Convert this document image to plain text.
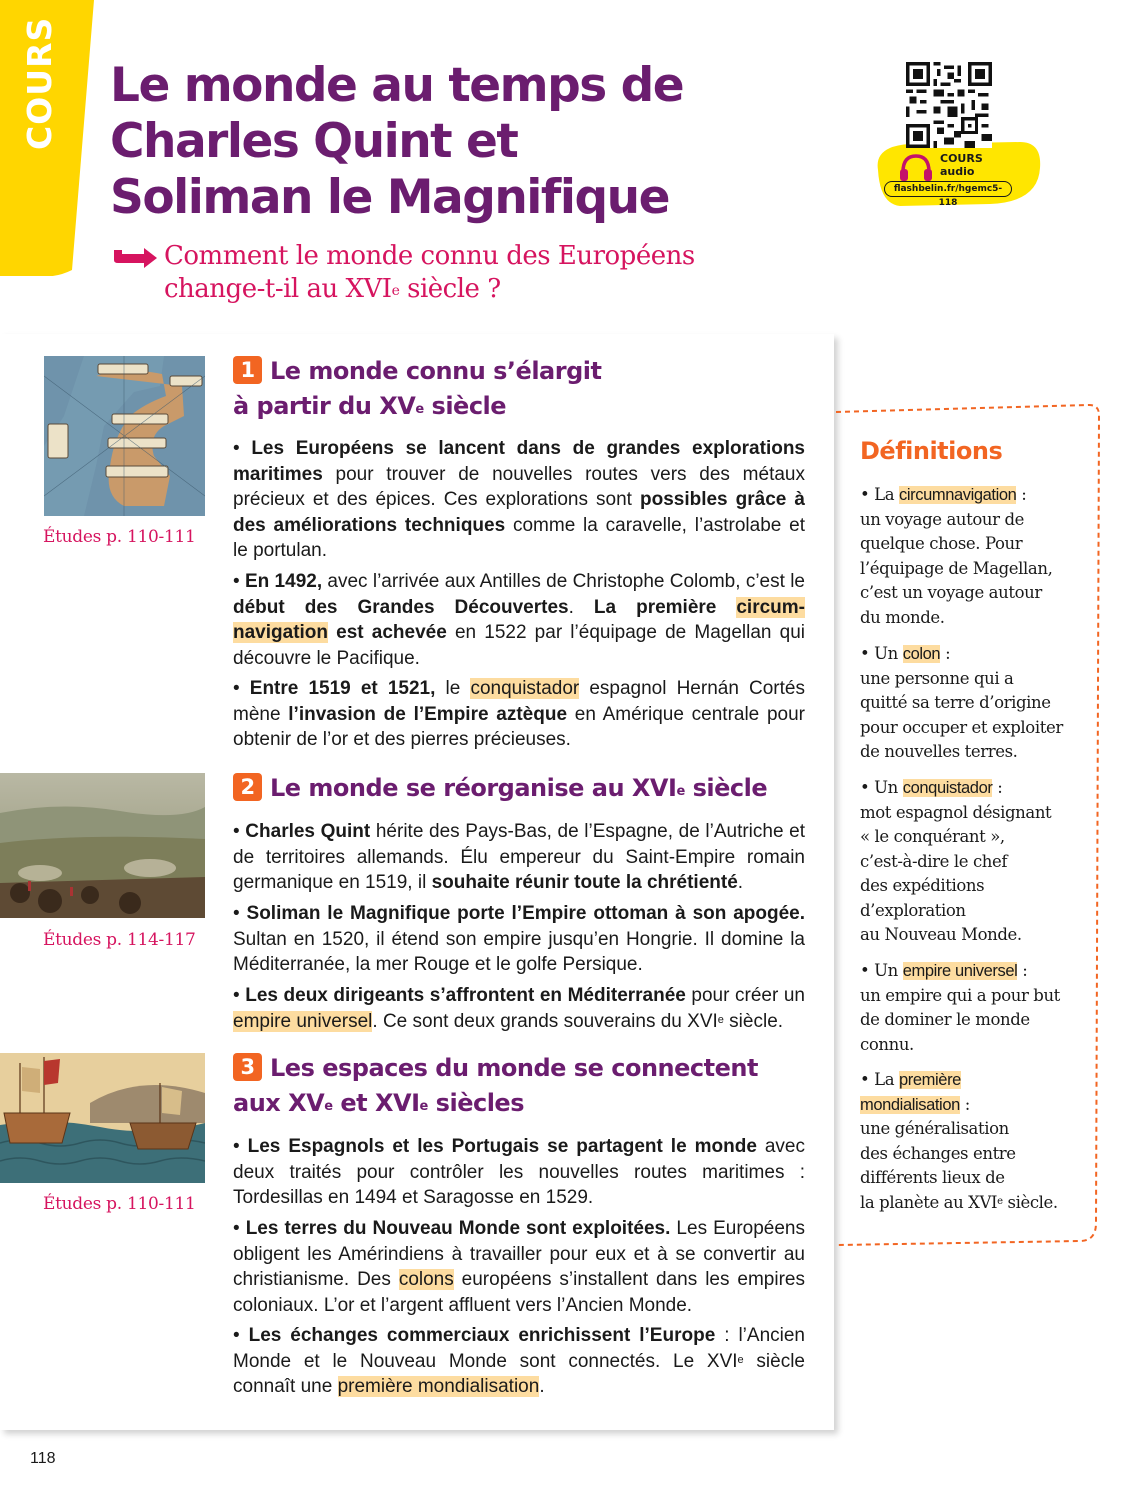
COURS Le monde au temps de
Charles Quint et
Soliman le Magnifique
Comment le monde connu des Européens
change-t-il au XVIe siècle ?
COURS
audio
flashbelin.fr/hgemc5-118
Études p. 110-111
Études p. 114-117
Études p. 110-111
1 Le monde connu s’élargit
à partir du XVe siècle
2 Le monde se réorganise au XVIe siècle
3 Les espaces du monde se connectent
aux XVe et XVIe siècles

• Les Européens se lancent dans de grandes explorations maritimes pour trouver de nouvelles routes vers des métaux précieux et des épices. Ces explorations sont possibles grâce à des améliorations techniques comme la caravelle, l’astrolabe et le portulan.

• En 1492, avec l’arrivée aux Antilles de Christophe Colomb, c’est le début des Grandes Découvertes. La première circum-navigation est achevée en 1522 par l’équipage de Magellan qui découvre le Pacifique.

• Entre 1519 et 1521, le conquistador espagnol Hernán Cortés mène l’invasion de l’Empire aztèque en Amérique centrale pour obtenir de l’or et des pierres précieuses.

• Charles Quint hérite des Pays-Bas, de l’Espagne, de l’Autriche et de territoires allemands. Élu empereur du Saint-Empire romain germanique en 1519, il souhaite réunir toute la chrétienté.

• Soliman le Magnifique porte l’Empire ottoman à son apogée. Sultan en 1520, il étend son empire jusqu’en Hongrie. Il domine la Méditerranée, la mer Rouge et le golfe Persique.

• Les deux dirigeants s’affrontent en Méditerranée pour créer un empire universel. Ce sont deux grands souverains du XVIe siècle.

• Les Espagnols et les Portugais se partagent le monde avec deux traités pour contrôler les nouvelles routes maritimes : Tordesillas en 1494 et Saragosse en 1529.

• Les terres du Nouveau Monde sont exploitées. Les Européens obligent les Amérindiens à travailler pour eux et à se convertir au christianisme. Des colons européens s’installent dans les empires coloniaux. L’or et l’argent affluent vers l’Ancien Monde.

• Les échanges commerciaux enrichissent l’Europe : l’Ancien Monde et le Nouveau Monde sont connectés. Le XVIe siècle connaît une première mondialisation.

Définitions
• La circumnavigation :
un voyage autour de
quelque chose. Pour
l’équipage de Magellan,
c’est un voyage autour
du monde.
• Un colon :
une personne qui a
quitté sa terre d’origine
pour occuper et exploiter
de nouvelles terres.
• Un conquistador :
mot espagnol désignant
« le conquérant »,
c’est-à-dire le chef
des expéditions
d’exploration
au Nouveau Monde.
• Un empire universel :
un empire qui a pour but
de dominer le monde
connu.
• La première
mondialisation :
une généralisation
des échanges entre
différents lieux de
la planète au XVIe siècle.
118
